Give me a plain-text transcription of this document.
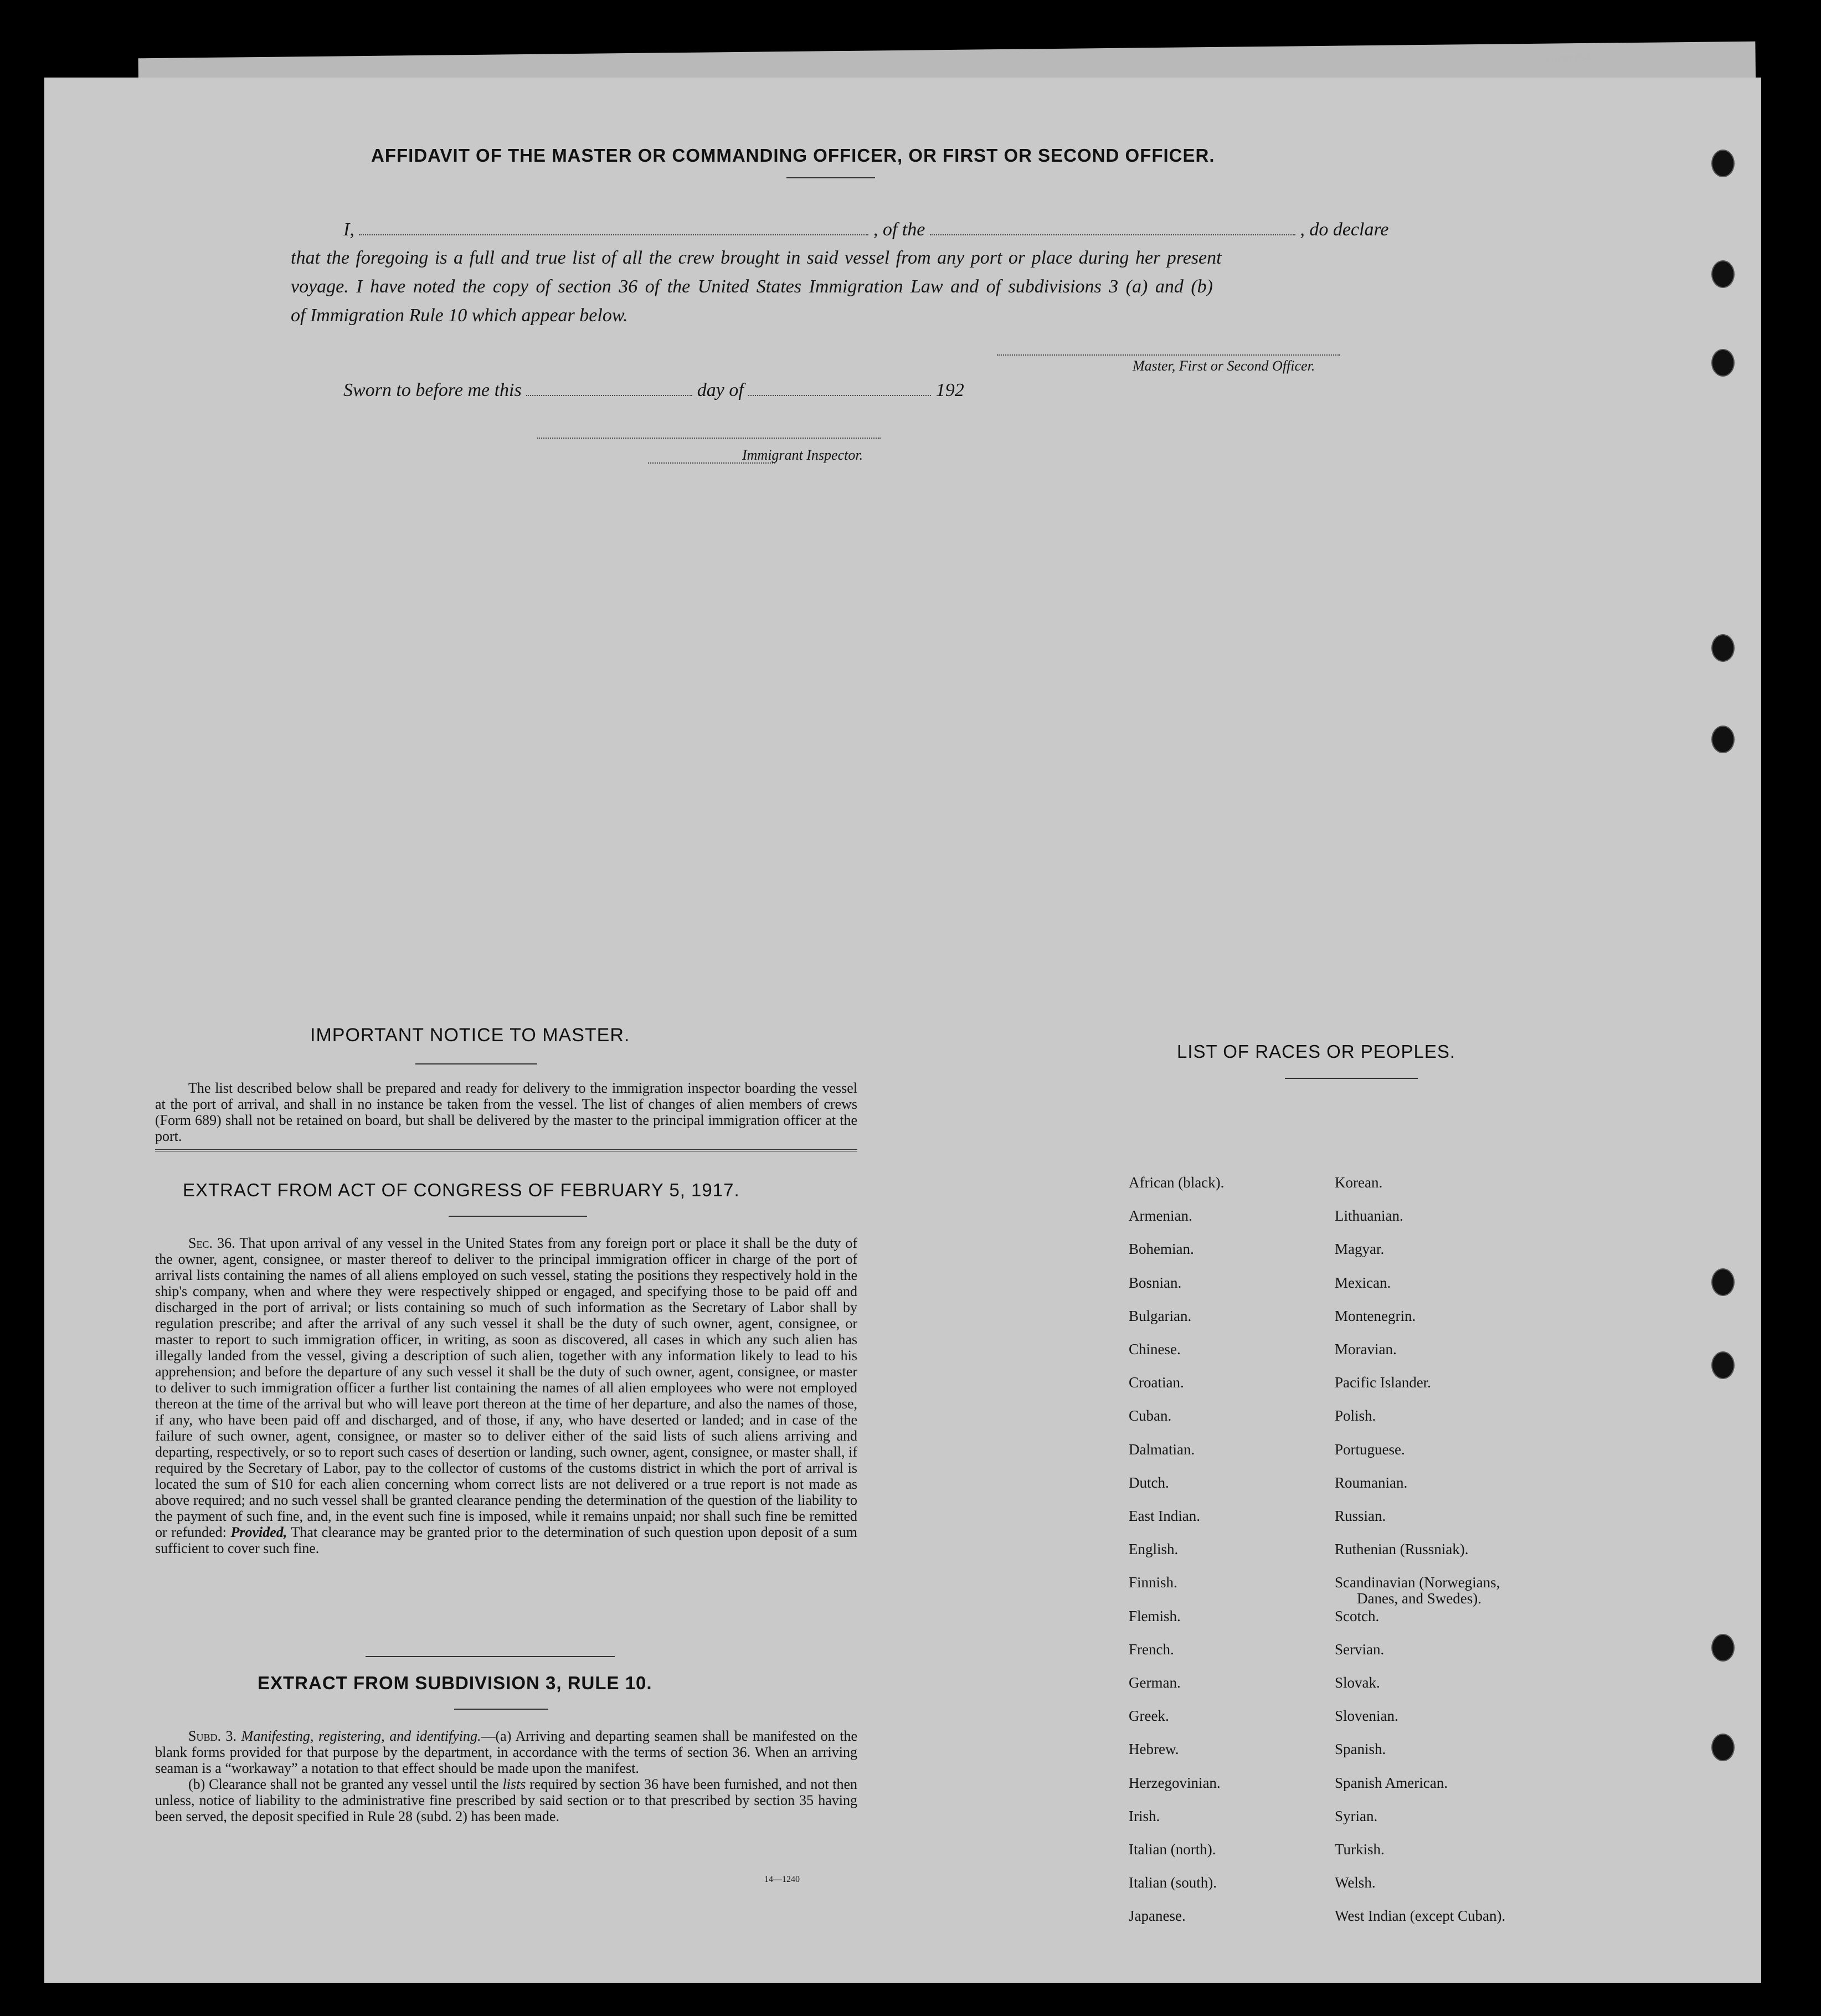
Form 694.
AFFIDAVIT OF THE MASTER OR COMMANDING OFFICER, OR FIRST OR SECOND OFFICER.
I,	, of the	, do declare
that the foregoing is a full and true list of all the crew brought in said vessel from any port or place during her present
voyage. I have noted the copy of section 36 of the United States Immigration Law and of subdivisions 3 (a) and (b)
of Immigration Rule 10 which appear below.
Master, First or Second Officer.
Sworn to before me this	day of	192
Immigrant Inspector.
IMPORTANT NOTICE TO MASTER.

The list described below shall be prepared and ready for delivery to the immigration inspector boarding the vessel at the port of arrival, and shall in no instance be taken from the vessel. The list of changes of alien members of crews (Form 689) shall not be retained on board, but shall be delivered by the master to the principal immigration officer at the port.

EXTRACT FROM ACT OF CONGRESS OF FEBRUARY 5, 1917.

Sec. 36. That upon arrival of any vessel in the United States from any foreign port or place it shall be the duty of the owner, agent, consignee, or master thereof to deliver to the principal immigration officer in charge of the port of arrival lists containing the names of all aliens employed on such vessel, stating the positions they respectively hold in the ship's company, when and where they were respectively shipped or engaged, and specifying those to be paid off and discharged in the port of arrival; or lists containing so much of such information as the Secretary of Labor shall by regulation prescribe; and after the arrival of any such vessel it shall be the duty of such owner, agent, consignee, or master to report to such immigration officer, in writing, as soon as discovered, all cases in which any such alien has illegally landed from the vessel, giving a description of such alien, together with any information likely to lead to his apprehension; and before the departure of any such vessel it shall be the duty of such owner, agent, consignee, or master to deliver to such immigration officer a further list containing the names of all alien employees who were not employed thereon at the time of the arrival but who will leave port thereon at the time of her departure, and also the names of those, if any, who have been paid off and discharged, and of those, if any, who have deserted or landed; and in case of the failure of such owner, agent, consignee, or master so to deliver either of the said lists of such aliens arriving and departing, respectively, or so to report such cases of desertion or landing, such owner, agent, consignee, or master shall, if required by the Secretary of Labor, pay to the collector of customs of the customs district in which the port of arrival is located the sum of $10 for each alien concerning whom correct lists are not delivered or a true report is not made as above required; and no such vessel shall be granted clearance pending the determination of the question of the liability to the payment of such fine, and, in the event such fine is imposed, while it remains unpaid; nor shall such fine be remitted or refunded: Provided, That clearance may be granted prior to the determination of such question upon deposit of a sum sufficient to cover such fine.

EXTRACT FROM SUBDIVISION 3, RULE 10.

Subd. 3. Manifesting, registering, and identifying.—(a) Arriving and departing seamen shall be manifested on the blank forms provided for that purpose by the department, in accordance with the terms of section 36. When an arriving seaman is a “workaway” a notation to that effect should be made upon the manifest.

(b) Clearance shall not be granted any vessel until the lists required by section 36 have been furnished, and not then unless, notice of liability to the administrative fine prescribed by said section or to that prescribed by section 35 having been served, the deposit specified in Rule 28 (subd. 2) has been made.

14—1240
LIST OF RACES OR PEOPLES.
African (black).	Korean.
Armenian.	Lithuanian.
Bohemian.	Magyar.
Bosnian.	Mexican.
Bulgarian.	Montenegrin.
Chinese.	Moravian.
Croatian.	Pacific Islander.
Cuban.	Polish.
Dalmatian.	Portuguese.
Dutch.	Roumanian.
East Indian.	Russian.
English.	Ruthenian (Russniak).
Finnish.	Scandinavian (Norwegians,
Danes, and Swedes).
Flemish.	Scotch.
French.	Servian.
German.	Slovak.
Greek.	Slovenian.
Hebrew.	Spanish.
Herzegovinian.	Spanish American.
Irish.	Syrian.
Italian (north).	Turkish.
Italian (south).	Welsh.
Japanese.	West Indian (except Cuban).
